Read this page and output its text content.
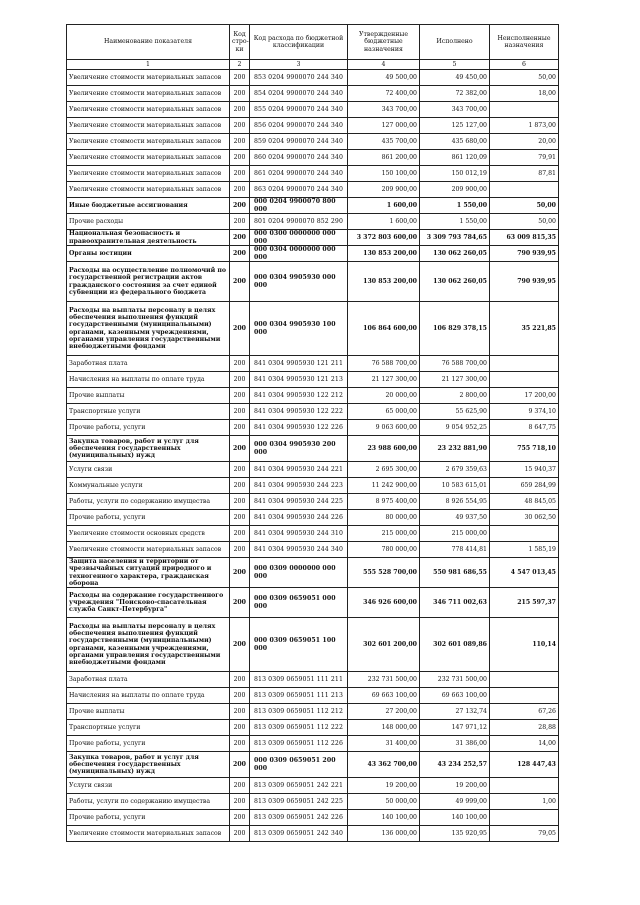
Наименование показателя	Код стро-ки	Код расхода по бюджетной классификации	Утвержденные бюджетные назначения	Исполнено	Неисполненные назначения
1	2	3	4	5	6
Увеличение стоимости материальных запасов	200	853 0204 9900070 244 340	49 500,00	49 450,00	50,00
Увеличение стоимости материальных запасов	200	854 0204 9900070 244 340	72 400,00	72 382,00	18,00
Увеличение стоимости материальных запасов	200	855 0204 9900070 244 340	343 700,00	343 700,00	
Увеличение стоимости материальных запасов	200	856 0204 9900070 244 340	127 000,00	125 127,00	1 873,00
Увеличение стоимости материальных запасов	200	859 0204 9900070 244 340	435 700,00	435 680,00	20,00
Увеличение стоимости материальных запасов	200	860 0204 9900070 244 340	861 200,00	861 120,09	79,91
Увеличение стоимости материальных запасов	200	861 0204 9900070 244 340	150 100,00	150 012,19	87,81
Увеличение стоимости материальных запасов	200	863 0204 9900070 244 340	209 900,00	209 900,00	
Иные бюджетные ассигнования	200	000 0204 9900070 800 000	1 600,00	1 550,00	50,00
Прочие расходы	200	801 0204 9900070 852 290	1 600,00	1 550,00	50,00
Национальная безопасность и правоохранительная деятельность	200	000 0300 0000000 000 000	3 372 803 600,00	3 309 793 784,65	63 009 815,35
Органы юстиции	200	000 0304 0000000 000 000	130 853 200,00	130 062 260,05	790 939,95
Расходы на осуществление полномочий по государственной регистрации актов гражданского состояния за счет единой субвенции из федерального бюджета	200	000 0304 9905930 000 000	130 853 200,00	130 062 260,05	790 939,95
Расходы на выплаты персоналу в целях обеспечения выполнения функций государственными (муниципальными) органами, казенными учреждениями, органами управления государственными внебюджетными фондами	200	000 0304 9905930 100 000	106 864 600,00	106 829 378,15	35 221,85
Заработная плата	200	841 0304 9905930 121 211	76 588 700,00	76 588 700,00	
Начисления на выплаты по оплате труда	200	841 0304 9905930 121 213	21 127 300,00	21 127 300,00	
Прочие выплаты	200	841 0304 9905930 122 212	20 000,00	2 800,00	17 200,00
Транспортные услуги	200	841 0304 9905930 122 222	65 000,00	55 625,90	9 374,10
Прочие работы, услуги	200	841 0304 9905930 122 226	9 063 600,00	9 054 952,25	8 647,75
Закупка товаров, работ и услуг для обеспечения государственных (муниципальных) нужд	200	000 0304 9905930 200 000	23 988 600,00	23 232 881,90	755 718,10
Услуги связи	200	841 0304 9905930 244 221	2 695 300,00	2 679 359,63	15 940,37
Коммунальные услуги	200	841 0304 9905930 244 223	11 242 900,00	10 583 615,01	659 284,99
Работы, услуги по содержанию имущества	200	841 0304 9905930 244 225	8 975 400,00	8 926 554,95	48 845,05
Прочие работы, услуги	200	841 0304 9905930 244 226	80 000,00	49 937,50	30 062,50
Увеличение стоимости основных средств	200	841 0304 9905930 244 310	215 000,00	215 000,00	
Увеличение стоимости материальных запасов	200	841 0304 9905930 244 340	780 000,00	778 414,81	1 585,19
Защита населения и территории от чрезвычайных ситуаций природного и техногенного характера, гражданская оборона	200	000 0309 0000000 000 000	555 528 700,00	550 981 686,55	4 547 013,45
Расходы на содержание государственного учреждения "Поисково-спасательная служба Санкт-Петербурга"	200	000 0309 0659051 000 000	346 926 600,00	346 711 002,63	215 597,37
Расходы на выплаты персоналу в целях обеспечения выполнения функций государственными (муниципальными) органами, казенными учреждениями, органами управления государственными внебюджетными фондами	200	000 0309 0659051 100 000	302 601 200,00	302 601 089,86	110,14
Заработная плата	200	813 0309 0659051 111 211	232 731 500,00	232 731 500,00	
Начисления на выплаты по оплате труда	200	813 0309 0659051 111 213	69 663 100,00	69 663 100,00	
Прочие выплаты	200	813 0309 0659051 112 212	27 200,00	27 132,74	67,26
Транспортные услуги	200	813 0309 0659051 112 222	148 000,00	147 971,12	28,88
Прочие работы, услуги	200	813 0309 0659051 112 226	31 400,00	31 386,00	14,00
Закупка товаров, работ и услуг для обеспечения государственных (муниципальных) нужд	200	000 0309 0659051 200 000	43 362 700,00	43 234 252,57	128 447,43
Услуги связи	200	813 0309 0659051 242 221	19 200,00	19 200,00	
Работы, услуги по содержанию имущества	200	813 0309 0659051 242 225	50 000,00	49 999,00	1,00
Прочие работы, услуги	200	813 0309 0659051 242 226	140 100,00	140 100,00	
Увеличение стоимости материальных запасов	200	813 0309 0659051 242 340	136 000,00	135 920,95	79,05
